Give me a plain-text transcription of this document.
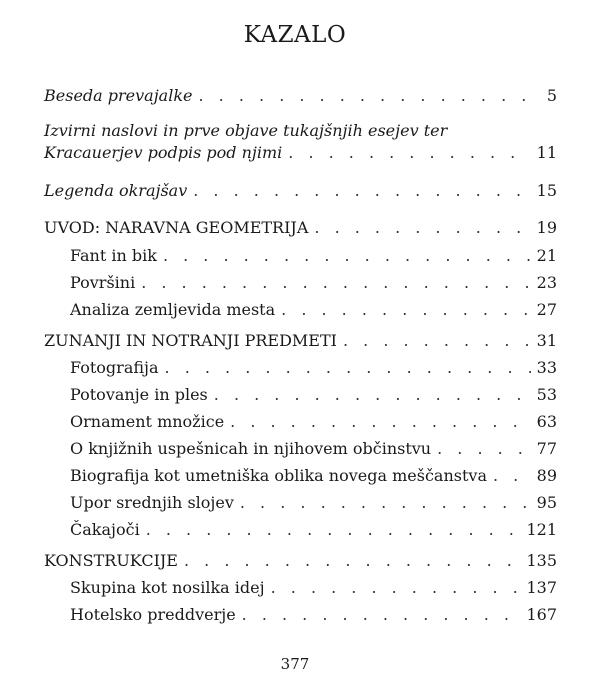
KAZALO
Beseda prevajalke . . .	5
Izvirni naslovi in prve objave tukajšnjih esejev ter
Kracauerjev podpis pod njimi . . .	11
Legenda okrajšav . . .	15
UVOD: NARAVNA GEOMETRIJA . . .	19
Fant in bik . . .	21
Površini . . .	23
Analiza zemljevida mesta . . .	27
ZUNANJI IN NOTRANJI PREDMETI . . .	31
Fotografija . . .	33
Potovanje in ples . . .	53
Ornament množice . . .	63
O knjižnih uspešnicah in njihovem občinstvu . . .	77
Biografija kot umetniška oblika novega meščanstva . . .	89
Upor srednjih slojev . . .	95
Čakajoči . . .	121
KONSTRUKCIJE . . .	135
Skupina kot nosilka idej . . .	137
Hotelsko preddverje . . .	167
377
